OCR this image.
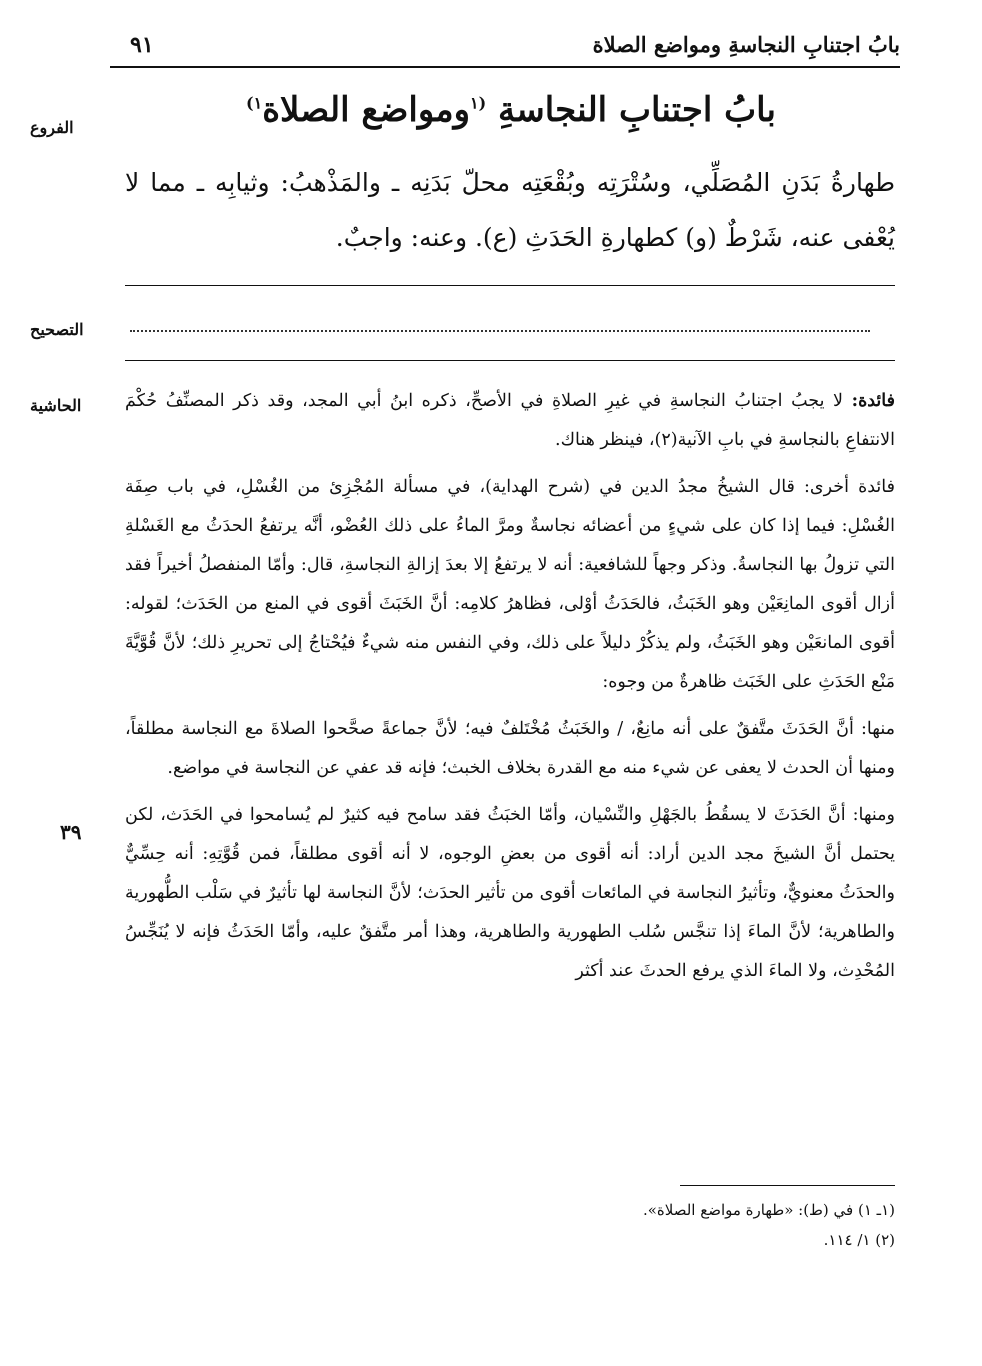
بابُ اجتنابِ النجاسةِ ومواضع الصلاة
٩١
الفروع
التصحيح
الحاشية
٣٩
بابُ اجتنابِ النجاسةِ $^{(١}$ومواضع الصلاة$^{١)}$
طهارةُ بَدَنِ المُصَلِّي، وسُتْرَتِه وبُقْعَتِه محلّ بَدَنِه ـ والمَذْهبُ: وثيابِه ـ مما لا يُعْفى عنه، شَرْطٌ (و) كطهارةِ الحَدَثِ (ع). وعنه: واجبٌ.

فائدة: لا يجبُ اجتنابُ النجاسةِ في غيرِ الصلاةِ في الأصحِّ، ذكره ابنُ أبي المجد، وقد ذكر المصنِّفُ حُكْمَ الانتفاعِ بالنجاسةِ في بابِ الآنية(٢)، فينظر هناك.

فائدة أخرى: قال الشيخُ مجدُ الدين في (شرح الهداية)، في مسألة المُجْزِئ من الغُسْلِ، في باب صِفَة الغُسْلِ: فيما إذا كان على شيءٍ من أعضائه نجاسةٌ ومرَّ الماءُ على ذلك العُضْو، أنَّه يرتفعُ الحدَثُ مع الغَسْلةِ التي تزولُ بها النجاسةُ. وذكر وجهاً للشافعية: أنه لا يرتفعُ إلا بعدَ إزالةِ النجاسةِ، قال: وأمّا المنفصلُ أخيراً فقد أزال أقوى المانِعَيْن وهو الخَبَثُ، فالحَدَثُ أوْلى، فظاهرُ كلامِه: أنَّ الخَبَثَ أقوى في المنع من الحَدَث؛ لقوله: أقوى المانعَيْن وهو الخَبَثُ، ولم يذكُرْ دليلاً على ذلك، وفي النفس منه شيءٌ فيُحْتاجُ إلى تحريرِ ذلك؛ لأنَّ قُوَّيَّةَ مَنْع الحَدَثِ على الخَبَث ظاهرةٌ من وجوه:

منها: أنَّ الحَدَثَ متَّفقٌ على أنه مانِعٌ، / والخَبَثُ مُخْتَلفٌ فيه؛ لأنَّ جماعةً صحَّحوا الصلاةَ مع النجاسة مطلقاً، ومنها أن الحدث لا يعفى عن شيء منه مع القدرة بخلاف الخبث؛ فإنه قد عفي عن النجاسة في مواضع.

ومنها: أنَّ الحَدَثَ لا يسقُطُ بالجَهْلِ والنِّسْيان، وأمّا الخبَثُ فقد سامح فيه كثيرٌ لم يُسامحوا في الحَدَث، لكن يحتمل أنَّ الشيخَ مجد الدين أراد: أنه أقوى من بعضِ الوجوه، لا أنه أقوى مطلقاً، فمن قُوَّتِهِ: أنه حِسِّيٌّ والحدَثُ معنويٌّ، وتأثيرُ النجاسة في المائعات أقوى من تأثير الحدَث؛ لأنَّ النجاسة لها تأثيرٌ في سَلْب الطُّهورية والطاهرية؛ لأنَّ الماءَ إذا تنجَّس سُلب الطهورية والطاهرية، وهذا أمر متَّفقٌ عليه، وأمّا الحَدَثُ فإنه لا يُنَجِّسُ المُحْدِث، ولا الماءَ الذي يرفع الحدثَ عند أكثر

(١ـ ١) في (ط): «طهارة مواضع الصلاة».
(٢) ١/ ١١٤.
